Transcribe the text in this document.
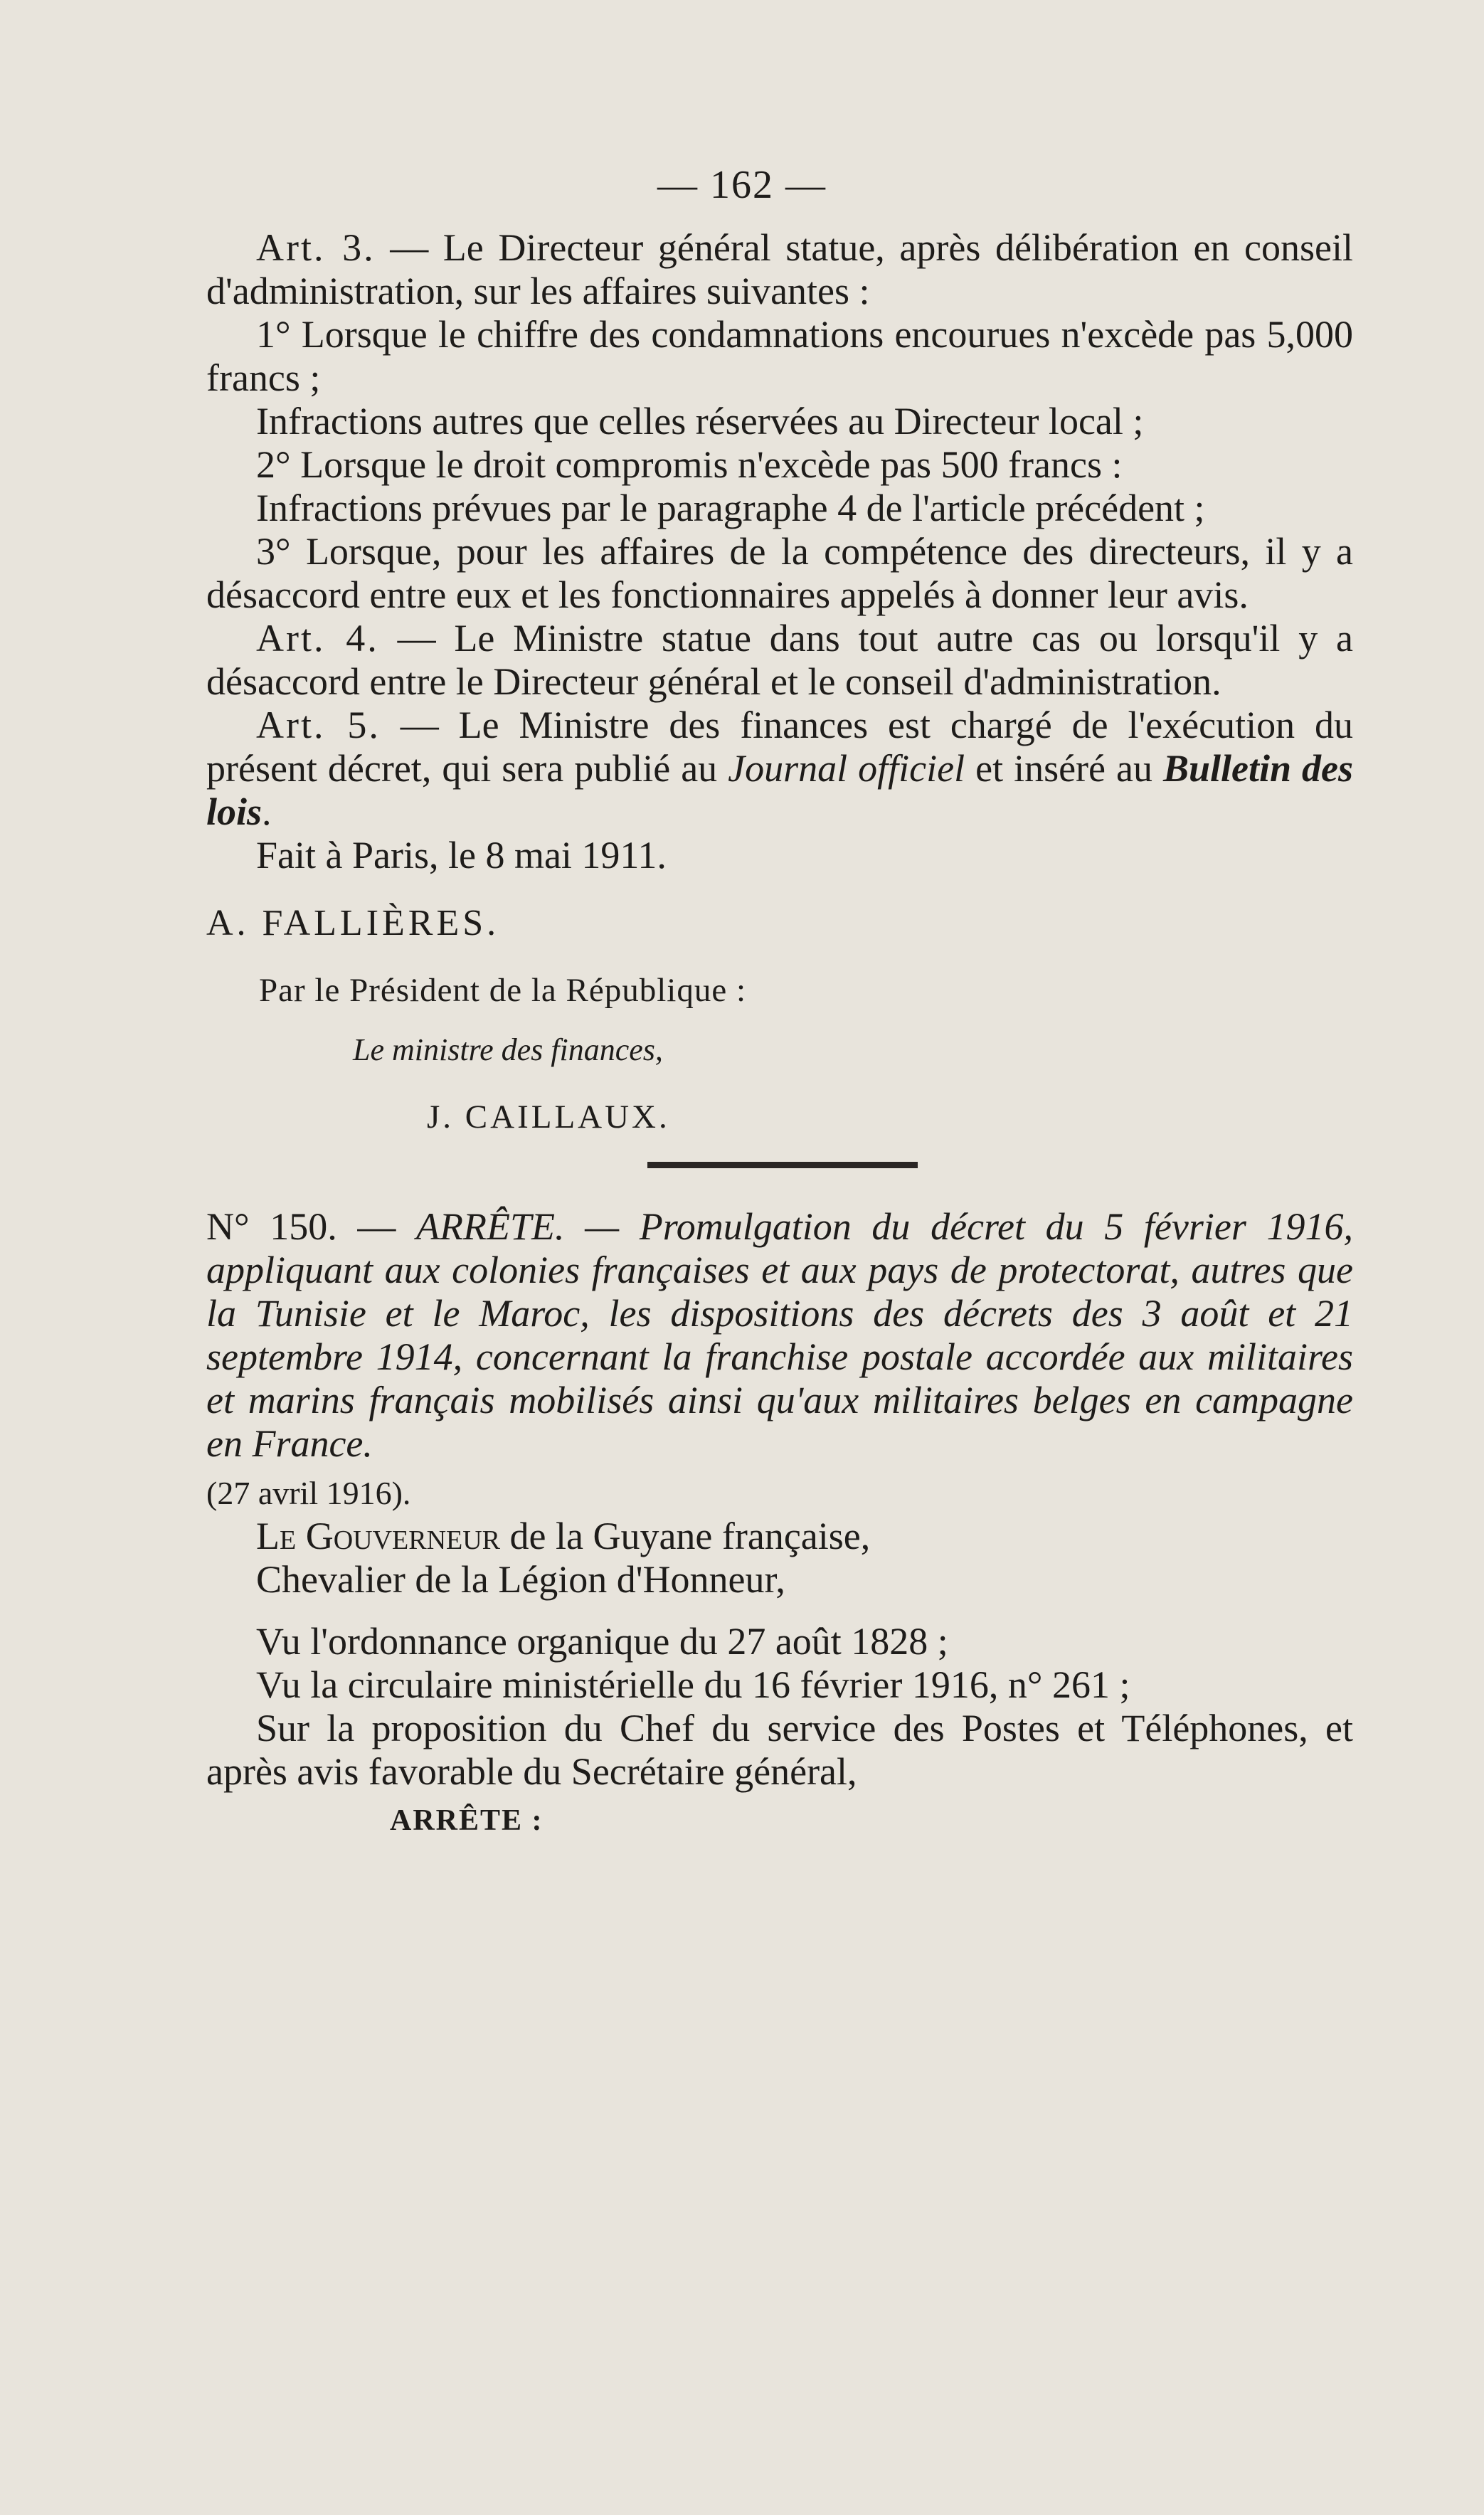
— 162 —

Art. 3. — Le Directeur général statue, après délibération en conseil d'administration, sur les affaires suivantes :

1° Lorsque le chiffre des condamnations encourues n'excède pas 5,000 francs ;

Infractions autres que celles réservées au Directeur local ;

2° Lorsque le droit compromis n'excède pas 500 francs :

Infractions prévues par le paragraphe 4 de l'article précédent ;

3° Lorsque, pour les affaires de la compétence des directeurs, il y a désaccord entre eux et les fonctionnaires appelés à donner leur avis.

Art. 4. — Le Ministre statue dans tout autre cas ou lorsqu'il y a désaccord entre le Directeur général et le conseil d'administration.

Art. 5. — Le Ministre des finances est chargé de l'exécution du présent décret, qui sera publié au Journal officiel et inséré au Bulletin des lois.

Fait à Paris, le 8 mai 1911.

A. FALLIÈRES.

Par le Président de la République :

Le ministre des finances,

J. CAILLAUX.

N° 150. — ARRÊTE. — Promulgation du décret du 5 février 1916, appliquant aux colonies françaises et aux pays de protectorat, autres que la Tunisie et le Maroc, les dispositions des décrets des 3 août et 21 septembre 1914, concernant la franchise postale accordée aux militaires et marins français mobilisés ainsi qu'aux militaires belges en campagne en France.

(27 avril 1916).

Le Gouverneur de la Guyane française,

Chevalier de la Légion d'Honneur,

Vu l'ordonnance organique du 27 août 1828 ;

Vu la circulaire ministérielle du 16 février 1916, n° 261 ;

Sur la proposition du Chef du service des Postes et Téléphones, et après avis favorable du Secrétaire général,

ARRÊTE :
